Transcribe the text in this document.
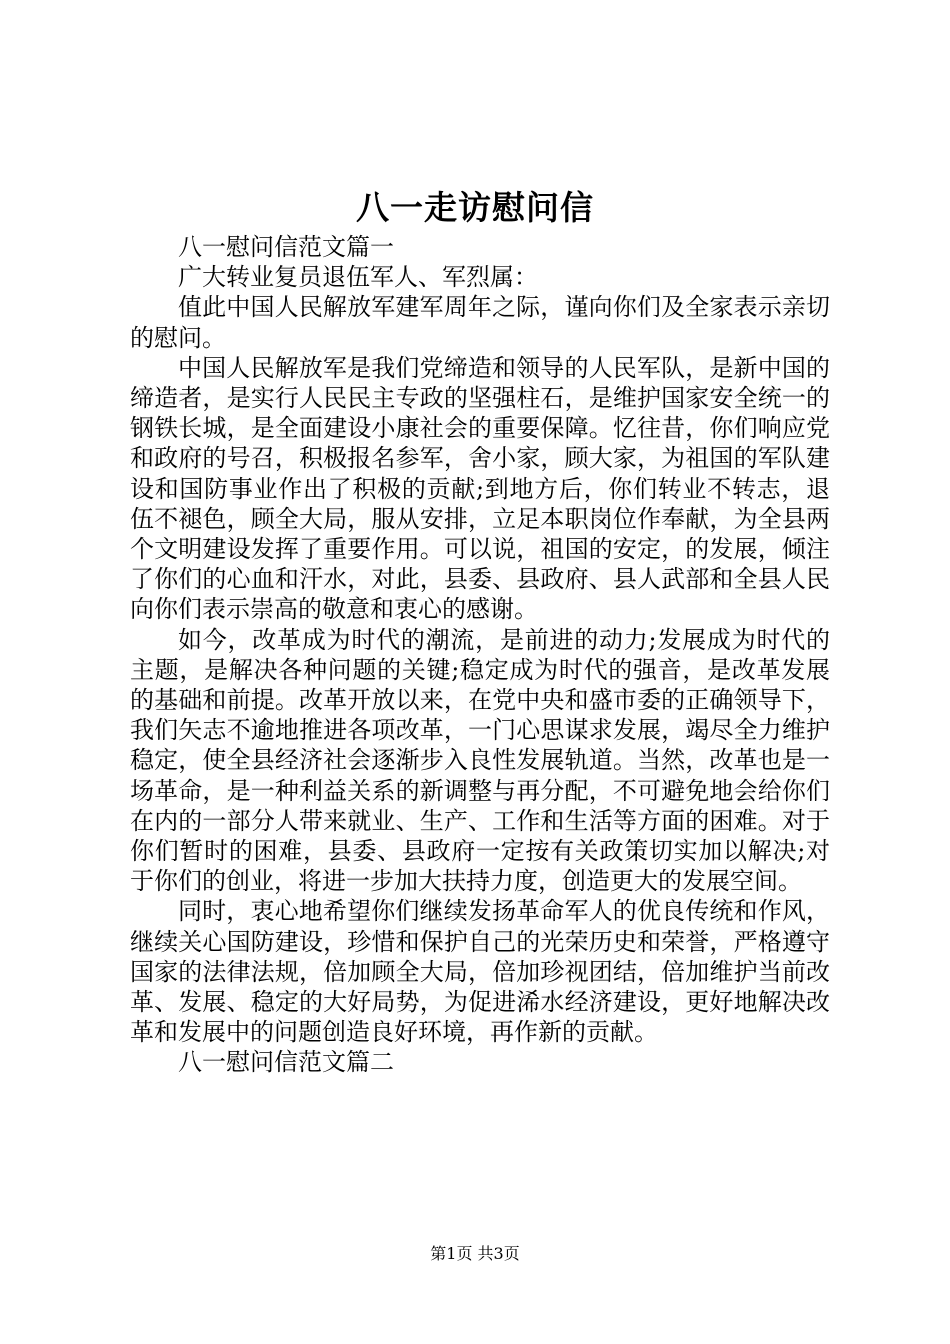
八一走访慰问信

八一慰问信范文篇一

广大转业复员退伍军人、军烈属：

值此中国人民解放军建军周年之际，谨向你们及全家表示亲切的慰问。

中国人民解放军是我们党缔造和领导的人民军队，是新中国的缔造者，是实行人民民主专政的坚强柱石，是维护国家安全统一的钢铁长城，是全面建设小康社会的重要保障。忆往昔，你们响应党和政府的号召，积极报名参军，舍小家，顾大家，为祖国的军队建设和国防事业作出了积极的贡献;到地方后，你们转业不转志，退伍不褪色，顾全大局，服从安排，立足本职岗位作奉献，为全县两个文明建设发挥了重要作用。可以说，祖国的安定，的发展，倾注了你们的心血和汗水，对此，县委、县政府、县人武部和全县人民向你们表示崇高的敬意和衷心的感谢。

如今，改革成为时代的潮流，是前进的动力;发展成为时代的主题，是解决各种问题的关键;稳定成为时代的强音，是改革发展的基础和前提。改革开放以来，在党中央和盛市委的正确领导下，我们矢志不逾地推进各项改革，一门心思谋求发展，竭尽全力维护稳定，使全县经济社会逐渐步入良性发展轨道。当然，改革也是一场革命，是一种利益关系的新调整与再分配，不可避免地会给你们在内的一部分人带来就业、生产、工作和生活等方面的困难。对于你们暂时的困难，县委、县政府一定按有关政策切实加以解决;对于你们的创业，将进一步加大扶持力度，创造更大的发展空间。

同时，衷心地希望你们继续发扬革命军人的优良传统和作风，继续关心国防建设，珍惜和保护自己的光荣历史和荣誉，严格遵守国家的法律法规，倍加顾全大局，倍加珍视团结，倍加维护当前改革、发展、稳定的大好局势，为促进浠水经济建设，更好地解决改革和发展中的问题创造良好环境，再作新的贡献。

八一慰问信范文篇二

第1页 共3页
